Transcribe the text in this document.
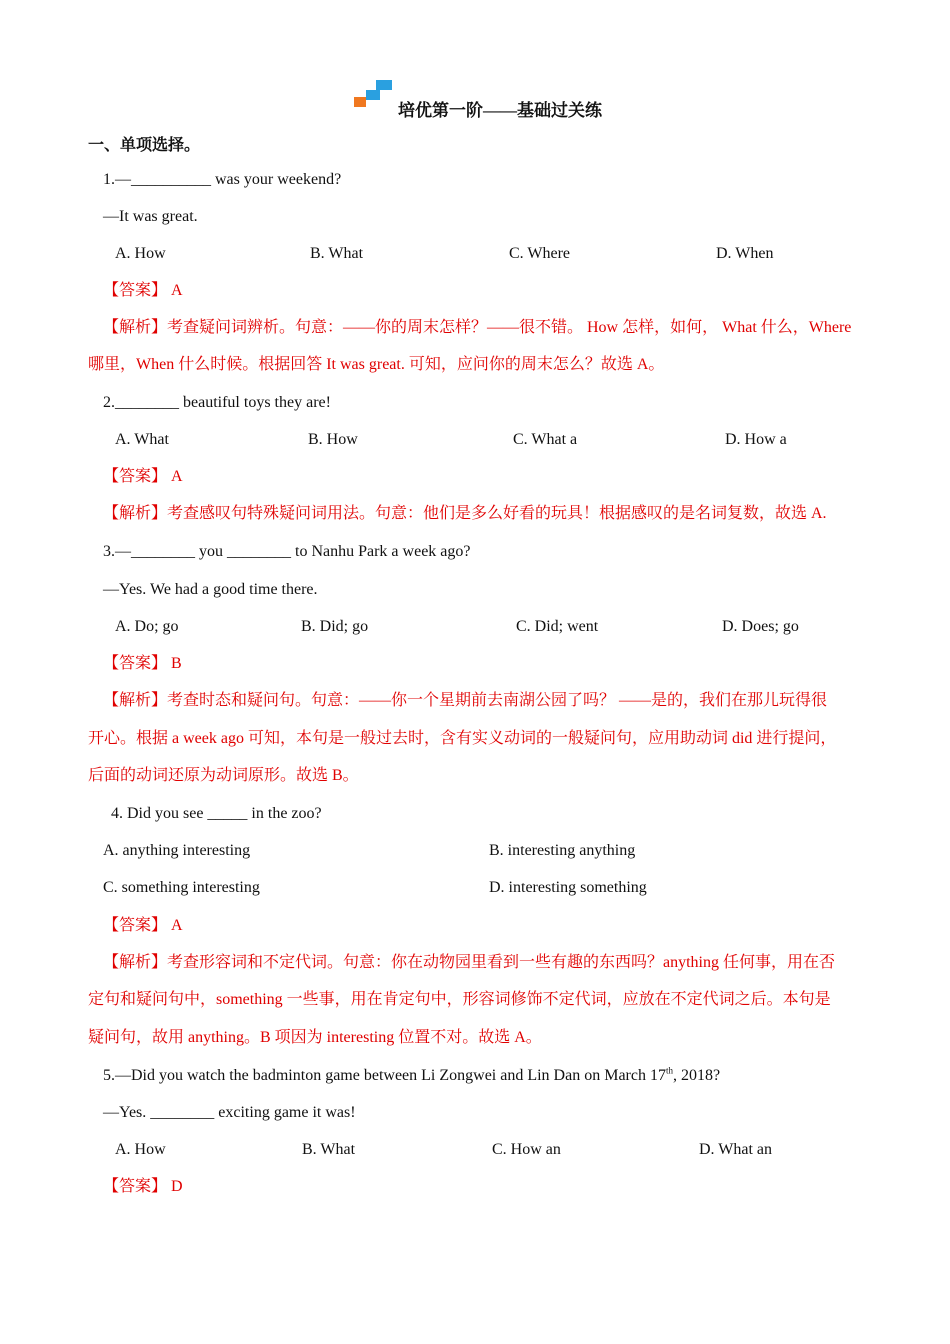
培优第一阶——基础过关练
一、单项选择。
1.—__________ was your weekend?
—It was great.
A. How	B. What	C. Where	D. When
【答案】 A
【解析】考查疑问词辨析。句意：——你的周末怎样？——很不错。 How 怎样，如何， What 什么，Where
哪里，When 什么时候。根据回答 It was great. 可知，应问你的周末怎么？故选 A。
2.________ beautiful toys they are!
A. What	B. How	C. What a	D. How a
【答案】 A
【解析】考查感叹句特殊疑问词用法。句意：他们是多么好看的玩具！根据感叹的是名词复数，故选 A.
3.—________ you ________ to Nanhu Park a week ago?
—Yes. We had a good time there.
A. Do; go	B. Did; go	C. Did; went	D. Does; go
【答案】 B
【解析】考查时态和疑问句。句意：——你一个星期前去南湖公园了吗？ ——是的，我们在那儿玩得很
开心。根据 a week ago 可知，本句是一般过去时，含有实义动词的一般疑问句，应用助动词 did 进行提问，
后面的动词还原为动词原形。故选 B。
4. Did you see _____ in the zoo?
A. anything interesting	B. interesting anything
C. something interesting	D. interesting something
【答案】 A
【解析】考查形容词和不定代词。句意：你在动物园里看到一些有趣的东西吗？anything 任何事，用在否
定句和疑问句中，something 一些事，用在肯定句中，形容词修饰不定代词，应放在不定代词之后。本句是
疑问句，故用 anything。B 项因为 interesting 位置不对。故选 A。
5.—Did you watch the badminton game between Li Zongwei and Lin Dan on March 17th, 2018?
—Yes. ________ exciting game it was!
A. How	B. What	C. How an	D. What an
【答案】 D
